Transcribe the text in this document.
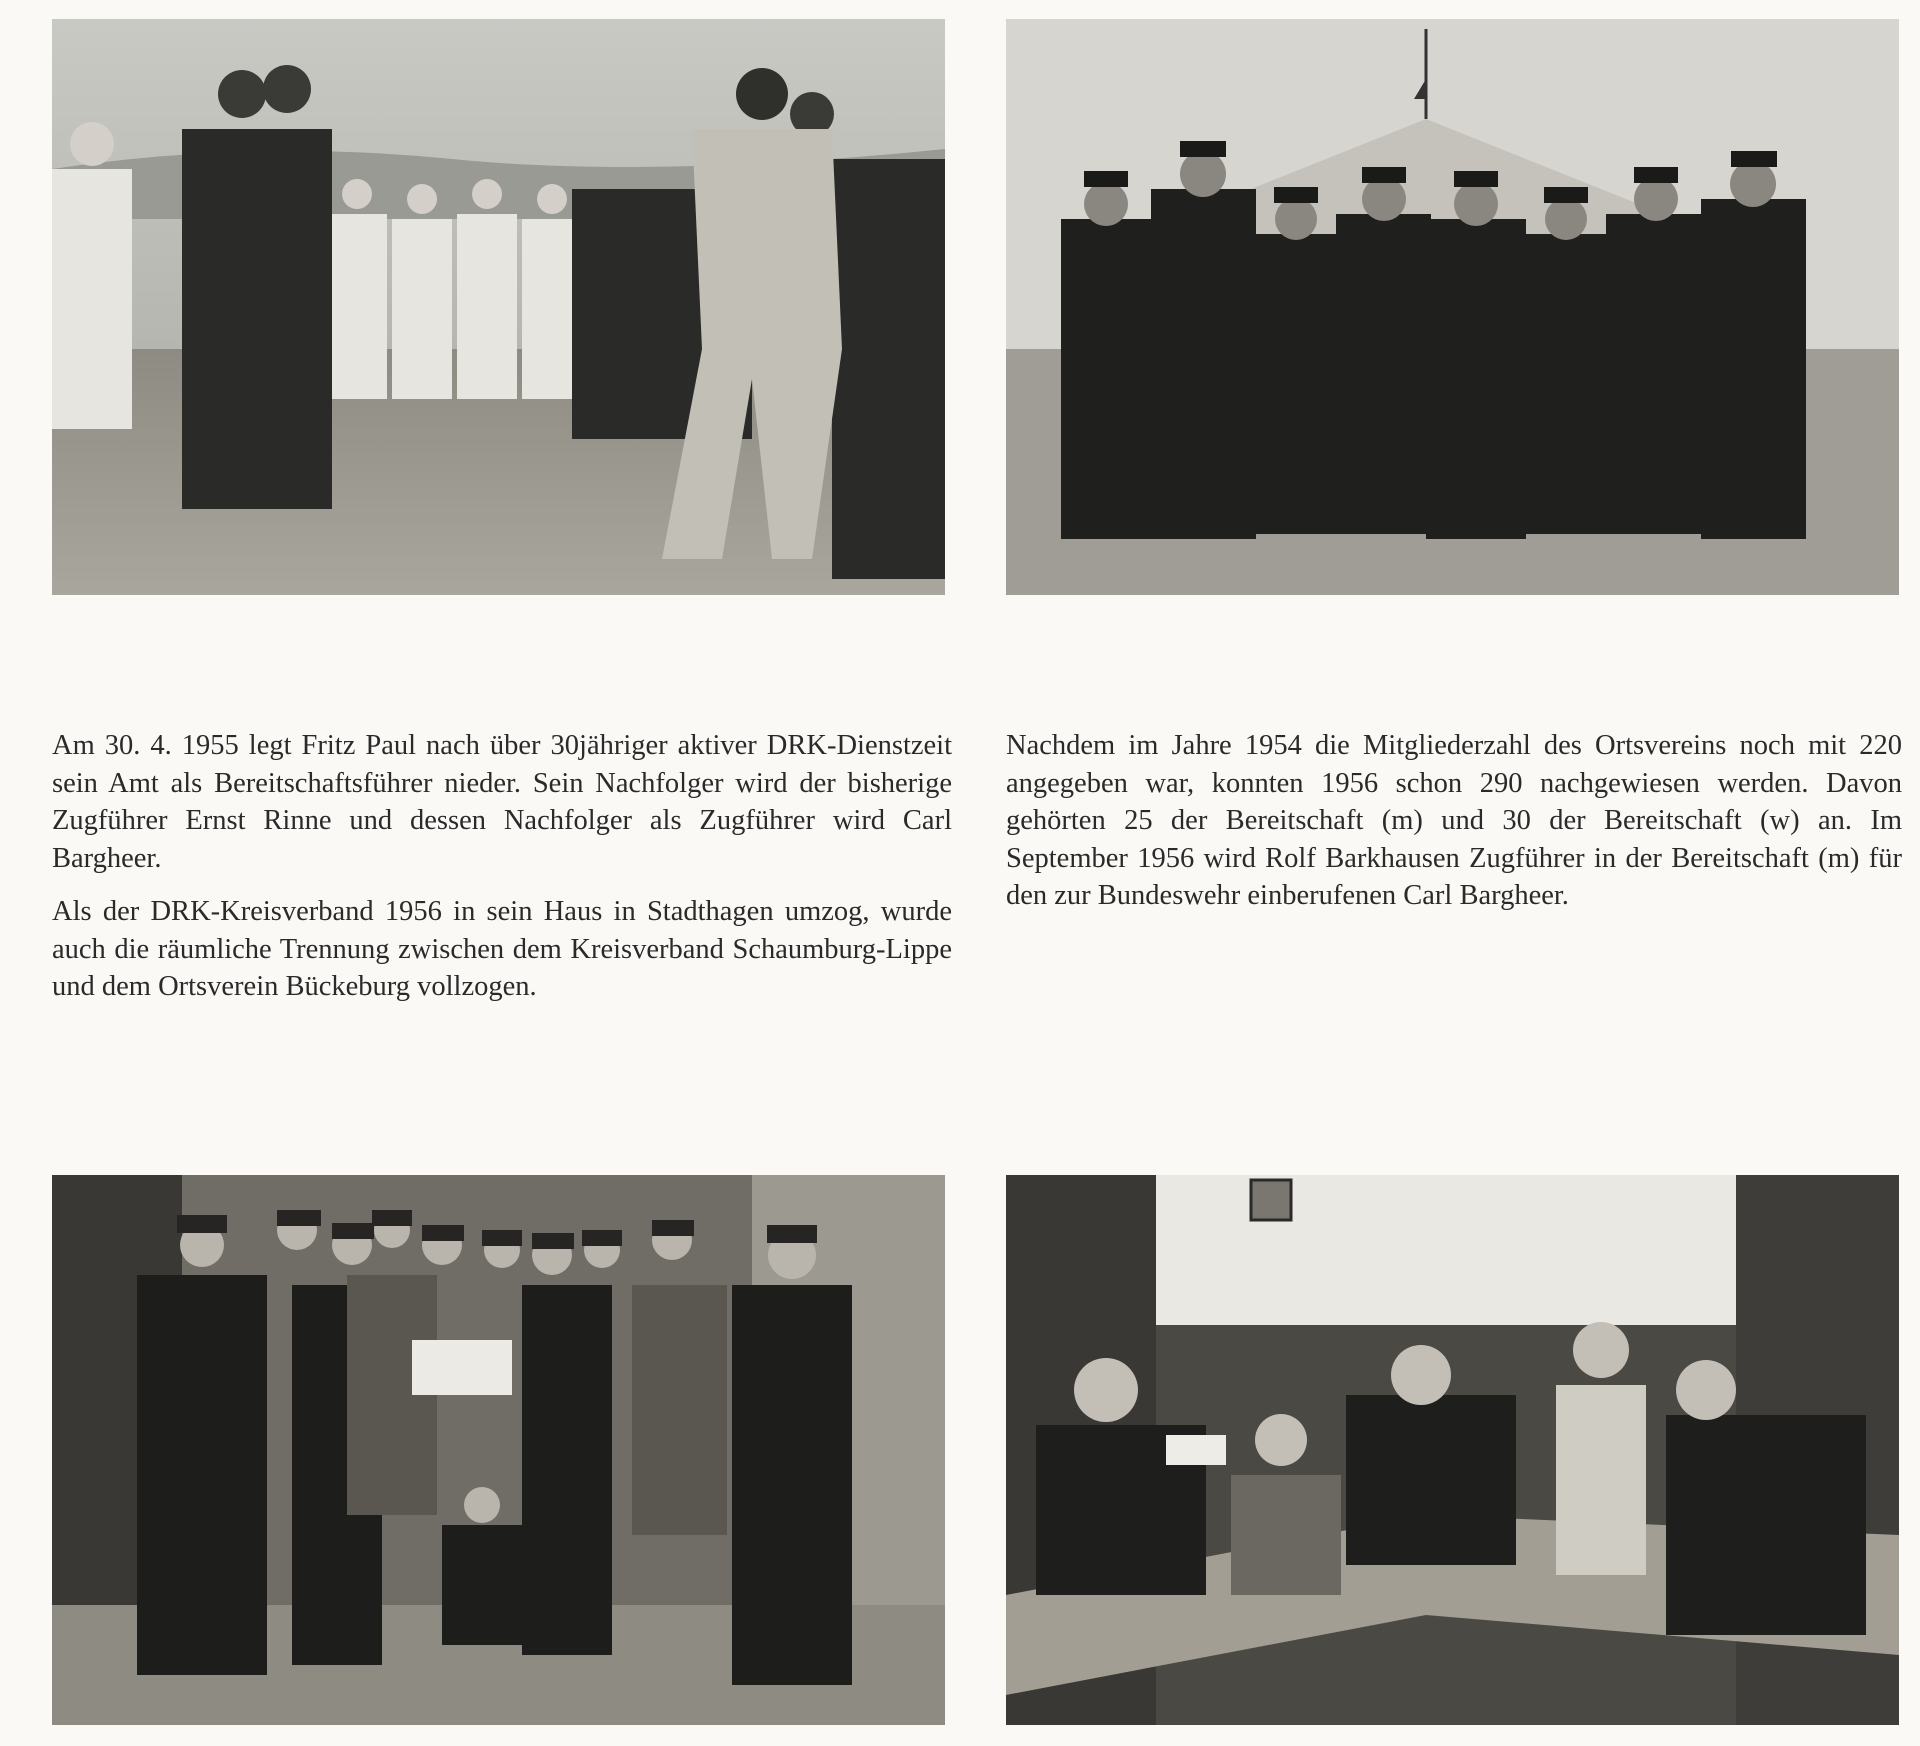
Am 30. 4. 1955 legt Fritz Paul nach über 30jähriger aktiver DRK-Dienstzeit sein Amt als Bereitschaftsführer nieder. Sein Nachfolger wird der bisherige Zugführer Ernst Rinne und dessen Nachfolger als Zugführer wird Carl Bargheer.

Als der DRK-Kreisverband 1956 in sein Haus in Stadthagen umzog, wurde auch die räumliche Trennung zwischen dem Kreisverband Schaumburg-Lippe und dem Ortsverein Bückeburg vollzogen.

Nachdem im Jahre 1954 die Mitgliederzahl des Ortsvereins noch mit 220 angegeben war, konnten 1956 schon 290 nachgewiesen werden. Davon gehörten 25 der Bereitschaft (m) und 30 der Bereitschaft (w) an. Im September 1956 wird Rolf Barkhausen Zugführer in der Bereitschaft (m) für den zur Bundeswehr einberufenen Carl Bargheer.
